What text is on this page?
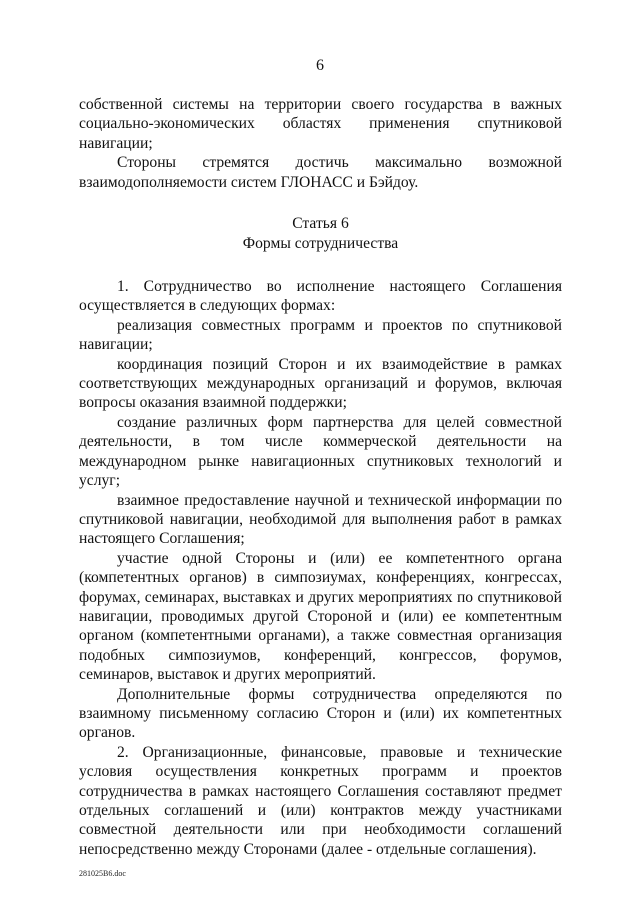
6

собственной системы на территории своего государства в важных социально-экономических областях применения спутниковой навигации;

Стороны стремятся достичь максимально возможной взаимодополняемости систем ГЛОНАСС и Бэйдоу.

Статья 6

Формы сотрудничества

1. Сотрудничество во исполнение настоящего Соглашения осуществляется в следующих формах:

реализация совместных программ и проектов по спутниковой навигации;

координация позиций Сторон и их взаимодействие в рамках соответствующих международных организаций и форумов, включая вопросы оказания взаимной поддержки;

создание различных форм партнерства для целей совместной деятельности, в том числе коммерческой деятельности на международном рынке навигационных спутниковых технологий и услуг;

взаимное предоставление научной и технической информации по спутниковой навигации, необходимой для выполнения работ в рамках настоящего Соглашения;

участие одной Стороны и (или) ее компетентного органа (компетентных органов) в симпозиумах, конференциях, конгрессах, форумах, семинарах, выставках и других мероприятиях по спутниковой навигации, проводимых другой Стороной и (или) ее компетентным органом (компетентными органами), а также совместная организация подобных симпозиумов, конференций, конгрессов, форумов, семинаров, выставок и других мероприятий.

Дополнительные формы сотрудничества определяются по взаимному письменному согласию Сторон и (или) их компетентных органов.

2. Организационные, финансовые, правовые и технические условия осуществления конкретных программ и проектов сотрудничества в рамках настоящего Соглашения составляют предмет отдельных соглашений и (или) контрактов между участниками совместной деятельности или при необходимости соглашений непосредственно между Сторонами (далее - отдельные соглашения).

281025B6.doc
